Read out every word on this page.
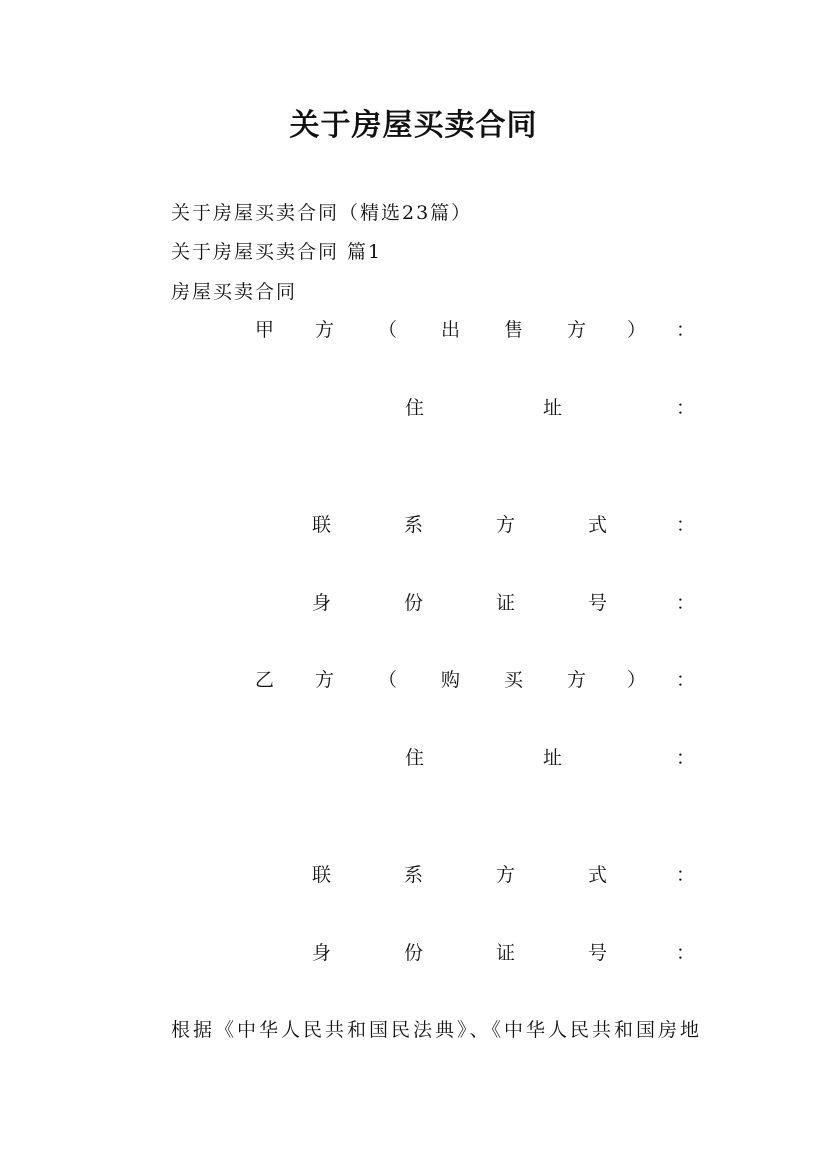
关于房屋买卖合同
关于房屋买卖合同（精选23篇）
关于房屋买卖合同 篇1
房屋买卖合同
甲 方 （ 出 售 方 ） ：
住	址	：
联	系	方	式	：
身	份	证	号	：
乙 方 （ 购 买 方 ） ：
住	址	：
联	系	方	式	：
身	份	证	号	：
根据《中华人民共和国民法典》、《中华人民共和国房地
